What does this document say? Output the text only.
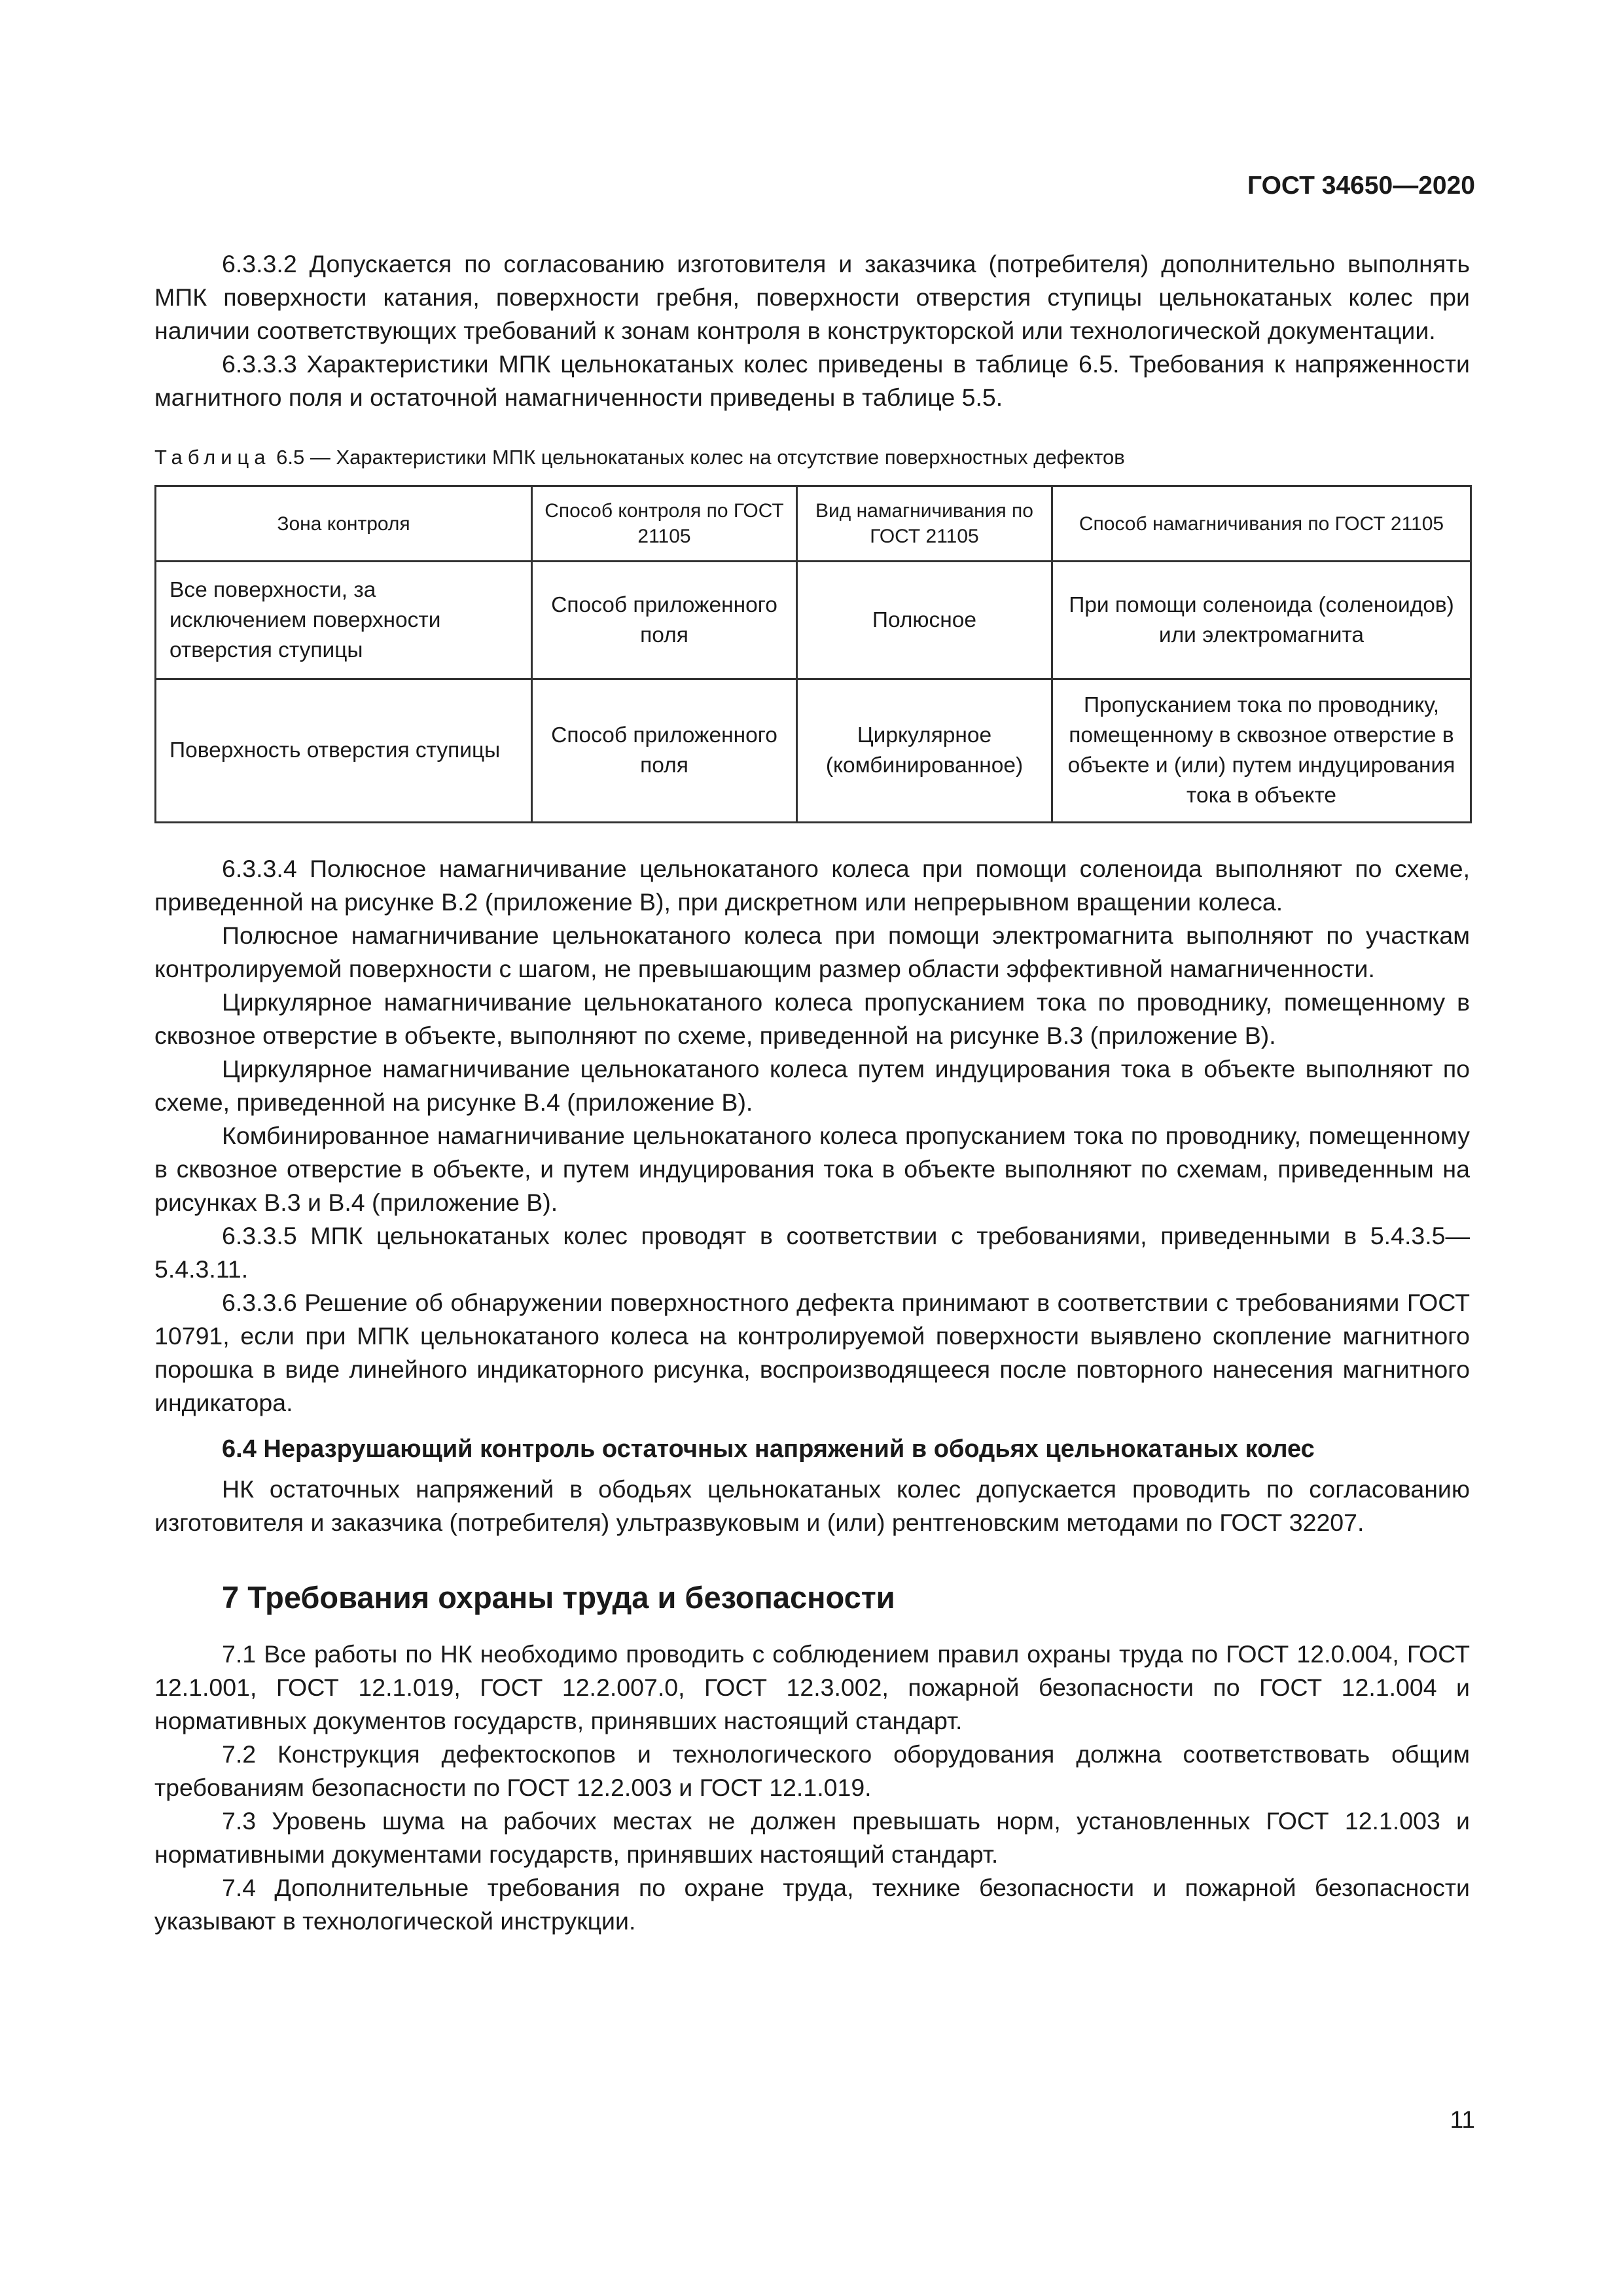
ГОСТ 34650—2020

6.3.3.2 Допускается по согласованию изготовителя и заказчика (потребителя) дополнительно выполнять МПК поверхности катания, поверхности гребня, поверхности отверстия ступицы цельнокатаных колес при наличии соответствующих требований к зонам контроля в конструкторской или технологической документации.

6.3.3.3 Характеристики МПК цельнокатаных колес приведены в таблице 6.5. Требования к напряженности магнитного поля и остаточной намагниченности приведены в таблице 5.5.

Таблица 6.5 — Характеристики МПК цельнокатаных колес на отсутствие поверхностных дефектов
Зона контроля	Способ контроля по ГОСТ 21105	Вид намагничивания по ГОСТ 21105	Способ намагничивания по ГОСТ 21105
Все поверхности, за исключением поверхности отверстия ступицы	Способ приложенного поля	Полюсное	При помощи соленоида (соленоидов) или электромагнита
Поверхность отверстия ступицы	Способ приложенного поля	Циркулярное (комбинированное)	Пропусканием тока по проводнику, помещенному в сквозное отверстие в объекте и (или) путем индуцирования тока в объекте

6.3.3.4 Полюсное намагничивание цельнокатаного колеса при помощи соленоида выполняют по схеме, приведенной на рисунке В.2 (приложение В), при дискретном или непрерывном вращении колеса.

Полюсное намагничивание цельнокатаного колеса при помощи электромагнита выполняют по участкам контролируемой поверхности с шагом, не превышающим размер области эффективной намагниченности.

Циркулярное намагничивание цельнокатаного колеса пропусканием тока по проводнику, помещенному в сквозное отверстие в объекте, выполняют по схеме, приведенной на рисунке В.3 (приложение В).

Циркулярное намагничивание цельнокатаного колеса путем индуцирования тока в объекте выполняют по схеме, приведенной на рисунке В.4 (приложение В).

Комбинированное намагничивание цельнокатаного колеса пропусканием тока по проводнику, помещенному в сквозное отверстие в объекте, и путем индуцирования тока в объекте выполняют по схемам, приведенным на рисунках В.3 и В.4 (приложение В).

6.3.3.5 МПК цельнокатаных колес проводят в соответствии с требованиями, приведенными в 5.4.3.5—5.4.3.11.

6.3.3.6 Решение об обнаружении поверхностного дефекта принимают в соответствии с требованиями ГОСТ 10791, если при МПК цельнокатаного колеса на контролируемой поверхности выявлено скопление магнитного порошка в виде линейного индикаторного рисунка, воспроизводящееся после повторного нанесения магнитного индикатора.

6.4 Неразрушающий контроль остаточных напряжений в ободьях цельнокатаных колес

НК остаточных напряжений в ободьях цельнокатаных колес допускается проводить по согласованию изготовителя и заказчика (потребителя) ультразвуковым и (или) рентгеновским методами по ГОСТ 32207.

7 Требования охраны труда и безопасности

7.1 Все работы по НК необходимо проводить с соблюдением правил охраны труда по ГОСТ 12.0.004, ГОСТ 12.1.001, ГОСТ 12.1.019, ГОСТ 12.2.007.0, ГОСТ 12.3.002, пожарной безопасности по ГОСТ 12.1.004 и нормативных документов государств, принявших настоящий стандарт.

7.2 Конструкция дефектоскопов и технологического оборудования должна соответствовать общим требованиям безопасности по ГОСТ 12.2.003 и ГОСТ 12.1.019.

7.3 Уровень шума на рабочих местах не должен превышать норм, установленных ГОСТ 12.1.003 и нормативными документами государств, принявших настоящий стандарт.

7.4 Дополнительные требования по охране труда, технике безопасности и пожарной безопасности указывают в технологической инструкции.

11
